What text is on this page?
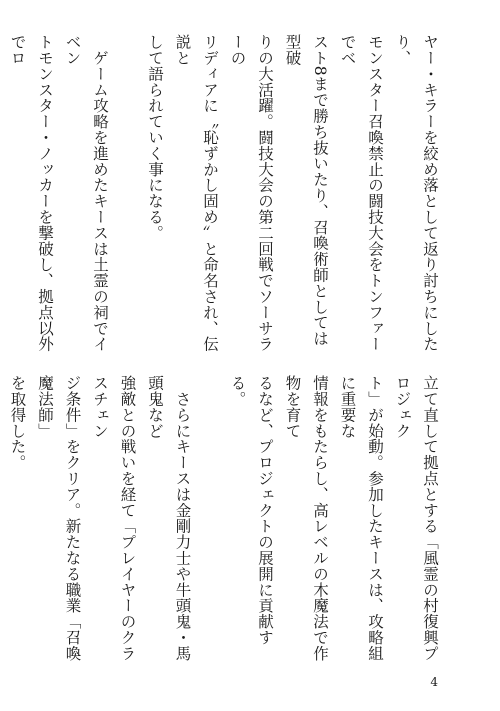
ヤー・キラーを絞め落として返り討ちにしたり、
モンスター召喚禁止の闘技大会をトンファーでベ
スト8まで勝ち抜いたり、召喚術師としては型破
りの大活躍。闘技大会の第二回戦でソーサラーの
リディアに〝恥ずかし固め〟と命名され、伝説と
して語られていく事になる。

　ゲーム攻略を進めたキースは土霊の祠でイベン
トモンスター・ノッカーを撃破し、拠点以外でロ

立て直して拠点とする「風霊の村復興プロジェク
ト」が始動。参加したキースは、攻略組に重要な
情報をもたらし、高レベルの木魔法で作物を育て
るなど、プロジェクトの展開に貢献する。

　さらにキースは金剛力士や牛頭鬼・馬頭鬼など
強敵との戦いを経て「プレイヤーのクラスチェン
ジ条件」をクリア。新たなる職業「召喚魔法師」
を取得した。

4
